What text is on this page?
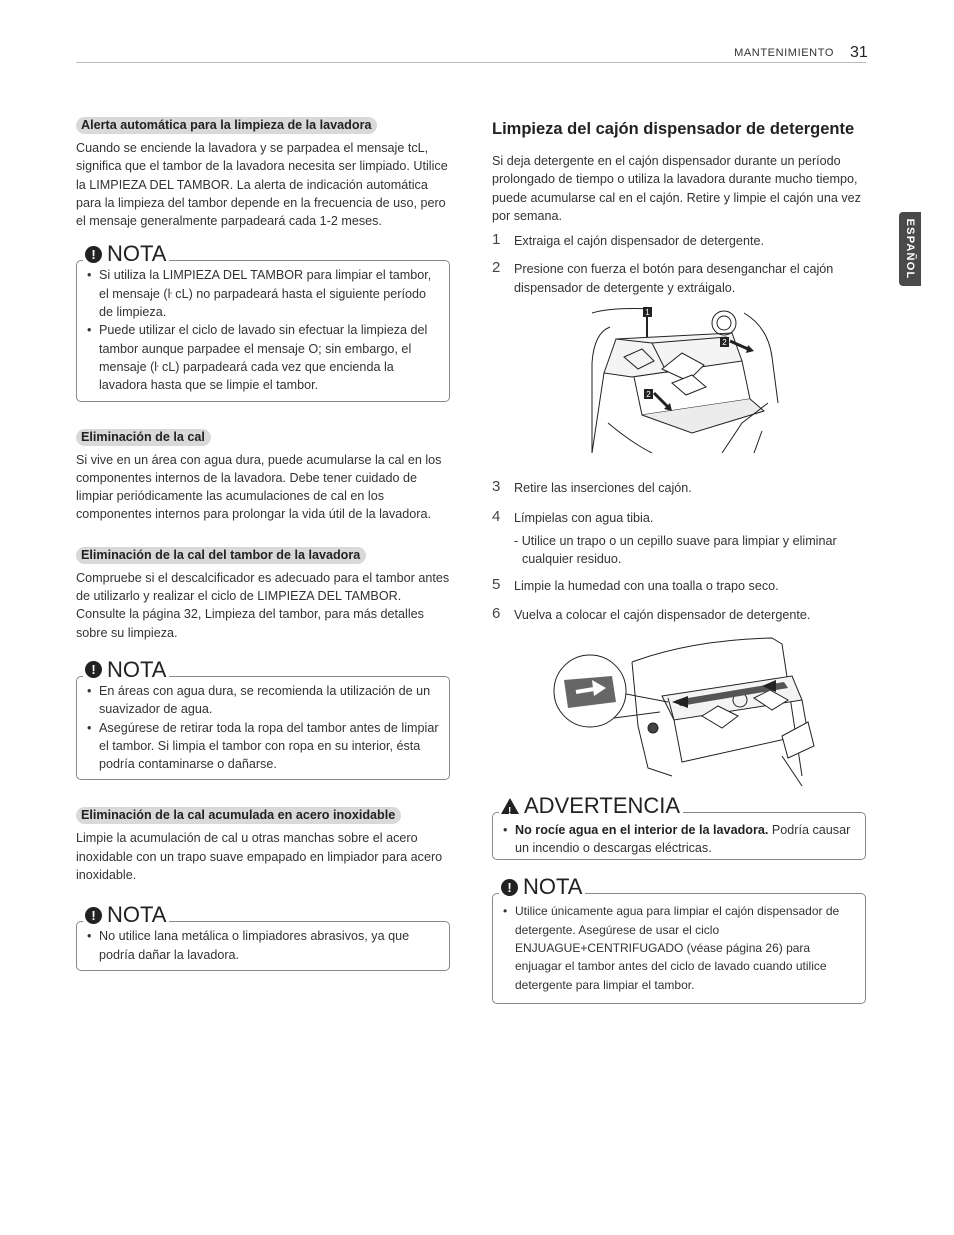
MANTENIMIENTO 31
ESPAÑOL
Alerta automática para la limpieza de la lavadora

Cuando se enciende la lavadora y se parpadea el mensaje tcL, significa que el tambor de la lavadora necesita ser limpiado. Utilice la LIMPIEZA DEL TAMBOR. La alerta de indicación automática para la limpieza del tambor depende en la frecuencia de uso, pero el mensaje generalmente parpadeará cada 1-2 meses.

! NOTA
• Si utiliza la LIMPIEZA DEL TAMBOR para limpiar el tambor, el mensaje (ŀ cL) no parpadeará hasta el siguiente período de limpieza.
• Puede utilizar el ciclo de lavado sin efectuar la limpieza del tambor aunque parpadee el mensaje O; sin embargo, el mensaje (ŀ cL) parpadeará cada vez que encienda la lavadora hasta que se limpie el tambor.
Eliminación de la cal

Si vive en un área con agua dura, puede acumularse la cal en los componentes internos de la lavadora. Debe tener cuidado de limpiar periódicamente las acumulaciones de cal en los componentes internos para prolongar la vida útil de la lavadora.

Eliminación de la cal del tambor de la lavadora

Compruebe si el descalcificador es adecuado para el tambor antes de utilizarlo y realizar el ciclo de LIMPIEZA DEL TAMBOR. Consulte la página 32, Limpieza del tambor, para más detalles sobre su limpieza.

! NOTA
• En áreas con agua dura, se recomienda la utilización de un suavizador de agua.
• Asegúrese de retirar toda la ropa del tambor antes de limpiar el tambor. Si limpia el tambor con ropa en su interior, ésta podría contaminarse o dañarse.
Eliminación de la cal acumulada en acero inoxidable

Limpie la acumulación de cal u otras manchas sobre el acero inoxidable con un trapo suave empapado en limpiador para acero inoxidable.

! NOTA
• No utilice lana metálica o limpiadores abrasivos, ya que podría dañar la lavadora.
Limpieza del cajón dispensador de detergente

Si deja detergente en el cajón dispensador durante un período prolongado de tiempo o utiliza la lavadora durante mucho tiempo, puede acumularse cal en el cajón. Retire y limpie el cajón una vez por semana.

1 Extraiga el cajón dispensador de detergente.
2 Presione con fuerza el botón para desenganchar el cajón dispensador de detergente y extráigalo.
1
2
2
3 Retire las inserciones del cajón.
4 Límpielas con agua tibia.
- Utilice un trapo o un cepillo suave para limpiar y eliminar cualquier residuo.
5 Limpie la humedad con una toalla o trapo seco.
6 Vuelva a colocar el cajón dispensador de detergente.
! ADVERTENCIA
• No rocíe agua en el interior de la lavadora. Podría causar un incendio o descargas eléctricas.
! NOTA
• Utilice únicamente agua para limpiar el cajón dispensador de detergente. Asegúrese de usar el ciclo ENJUAGUE+CENTRIFUGADO (véase página 26) para enjuagar el tambor antes del ciclo de lavado cuando utilice detergente para limpiar el tambor.
